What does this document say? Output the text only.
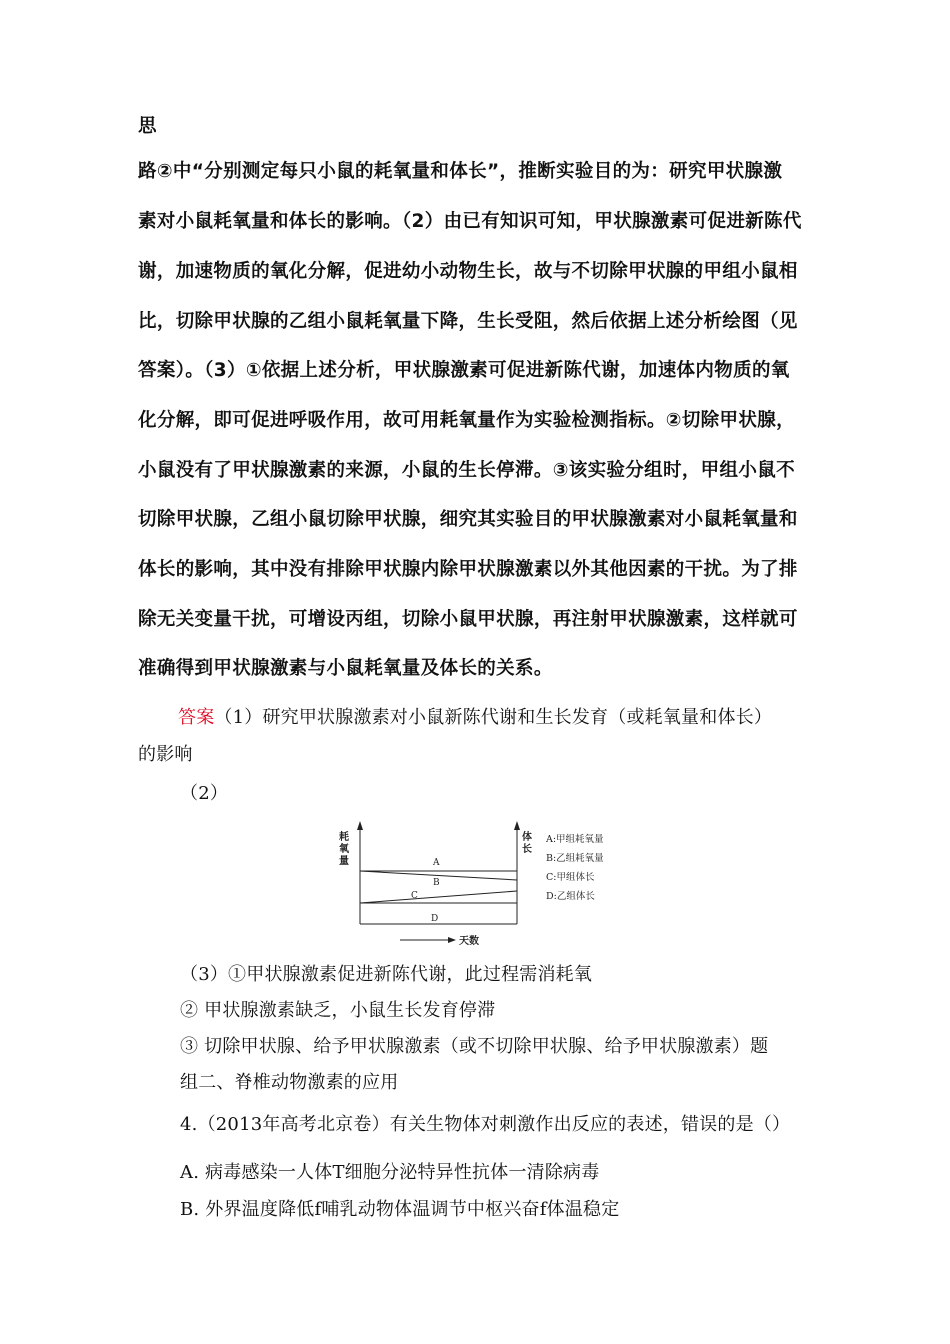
思
路②中“分别测定每只小鼠的耗氧量和体长”，推断实验目的为：研究甲状腺激
素对小鼠耗氧量和体长的影响。（2）由已有知识可知，甲状腺激素可促进新陈代
谢，加速物质的氧化分解，促进幼小动物生长，故与不切除甲状腺的甲组小鼠相
比，切除甲状腺的乙组小鼠耗氧量下降，生长受阻，然后依据上述分析绘图（见
答案）。（3）①依据上述分析，甲状腺激素可促进新陈代谢，加速体内物质的氧
化分解，即可促进呼吸作用，故可用耗氧量作为实验检测指标。②切除甲状腺，
小鼠没有了甲状腺激素的来源，小鼠的生长停滞。③该实验分组时，甲组小鼠不
切除甲状腺，乙组小鼠切除甲状腺，细究其实验目的甲状腺激素对小鼠耗氧量和
体长的影响，其中没有排除甲状腺内除甲状腺激素以外其他因素的干扰。为了排
除无关变量干扰，可增设丙组，切除小鼠甲状腺，再注射甲状腺激素，这样就可
准确得到甲状腺激素与小鼠耗氧量及体长的关系。
答案（1）研究甲状腺激素对小鼠新陈代谢和生长发育（或耗氧量和体长）
的影响
（2）
A
B
C
D
耗
氧
量
体
长
A:甲组耗氧量
B:乙组耗氧量
C:甲组体长
D:乙组体长
天数
（3）①甲状腺激素促进新陈代谢，此过程需消耗氧
② 甲状腺激素缺乏，小鼠生长发育停滞
③ 切除甲状腺、给予甲状腺激素（或不切除甲状腺、给予甲状腺激素）题
组二、脊椎动物激素的应用
4.（2013年高考北京卷）有关生物体对刺激作出反应的表述，错误的是（）
A. 病毒感染一人体T细胞分泌特异性抗体一清除病毒
B. 外界温度降低f哺乳动物体温调节中枢兴奋f体温稳定
